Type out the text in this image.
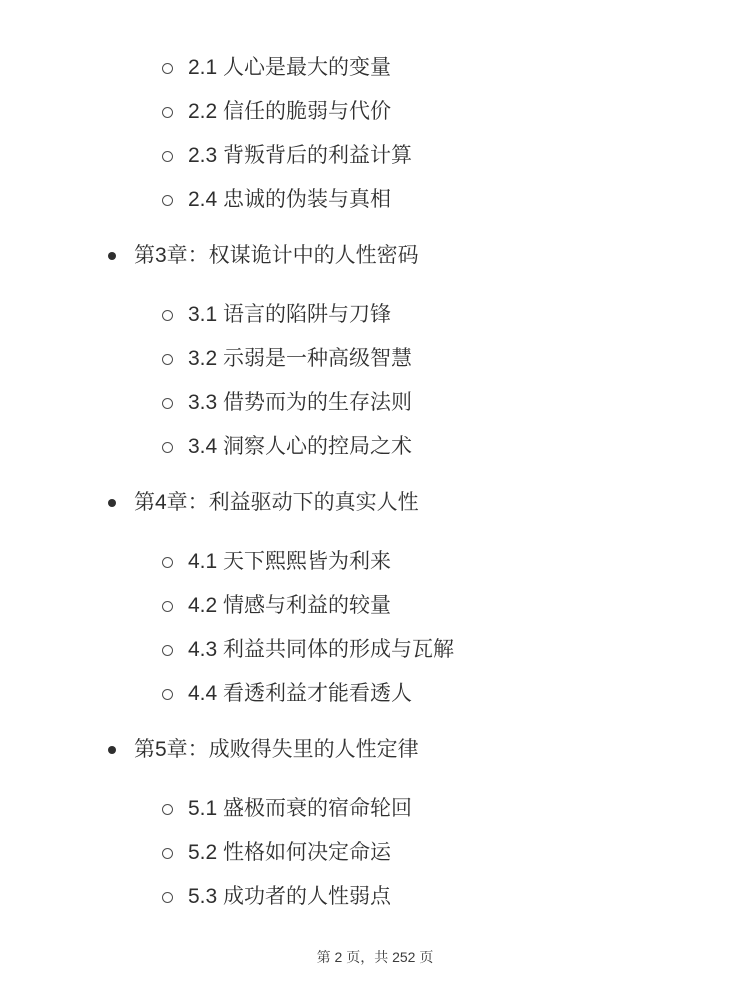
2.1 人心是最大的变量
2.2 信任的脆弱与代价
2.3 背叛背后的利益计算
2.4 忠诚的伪装与真相
第3章：权谋诡计中的人性密码
3.1 语言的陷阱与刀锋
3.2 示弱是一种高级智慧
3.3 借势而为的生存法则
3.4 洞察人心的控局之术
第4章：利益驱动下的真实人性
4.1 天下熙熙皆为利来
4.2 情感与利益的较量
4.3 利益共同体的形成与瓦解
4.4 看透利益才能看透人
第5章：成败得失里的人性定律
5.1 盛极而衰的宿命轮回
5.2 性格如何决定命运
5.3 成功者的人性弱点
第 2 页，共 252 页
